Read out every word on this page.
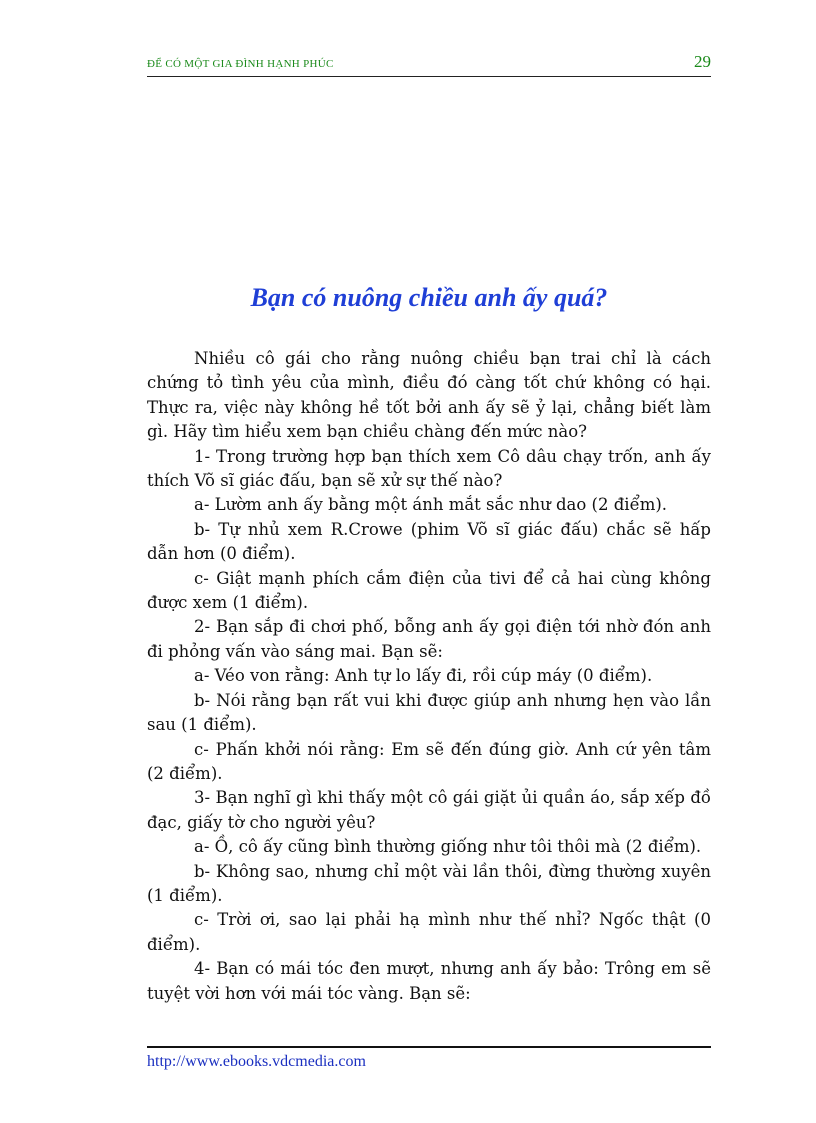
ĐỂ CÓ MỘT GIA ĐÌNH HẠNH PHÚC	29
Bạn có nuông chiều anh ấy quá?

Nhiều cô gái cho rằng nuông chiều bạn trai chỉ là cách chứng tỏ tình yêu của mình, điều đó càng tốt chứ không có hại. Thực ra, việc này không hề tốt bởi anh ấy sẽ ỷ lại, chẳng biết làm gì. Hãy tìm hiểu xem bạn chiều chàng đến mức nào?

1- Trong trường hợp bạn thích xem Cô dâu chạy trốn, anh ấy thích Võ sĩ giác đấu, bạn sẽ xử sự thế nào?

a- Lườm anh ấy bằng một ánh mắt sắc như dao (2 điểm).

b- Tự nhủ xem R.Crowe (phim Võ sĩ giác đấu) chắc sẽ hấp dẫn hơn (0 điểm).

c- Giật mạnh phích cắm điện của tivi để cả hai cùng không được xem (1 điểm).

2- Bạn sắp đi chơi phố, bỗng anh ấy gọi điện tới nhờ đón anh đi phỏng vấn vào sáng mai. Bạn sẽ:

a- Véo von rằng: Anh tự lo lấy đi, rồi cúp máy (0 điểm).

b- Nói rằng bạn rất vui khi được giúp anh nhưng hẹn vào lần sau (1 điểm).

c- Phấn khởi nói rằng: Em sẽ đến đúng giờ. Anh cứ yên tâm (2 điểm).

3- Bạn nghĩ gì khi thấy một cô gái giặt ủi quần áo, sắp xếp đồ đạc, giấy tờ cho người yêu?

a- Ồ, cô ấy cũng bình thường giống như tôi thôi mà (2 điểm).

b- Không sao, nhưng chỉ một vài lần thôi, đừng thường xuyên (1 điểm).

c- Trời ơi, sao lại phải hạ mình như thế nhỉ? Ngốc thật (0 điểm).

4- Bạn có mái tóc đen mượt, nhưng anh ấy bảo: Trông em sẽ tuyệt vời hơn với mái tóc vàng. Bạn sẽ:

http://www.ebooks.vdcmedia.com
